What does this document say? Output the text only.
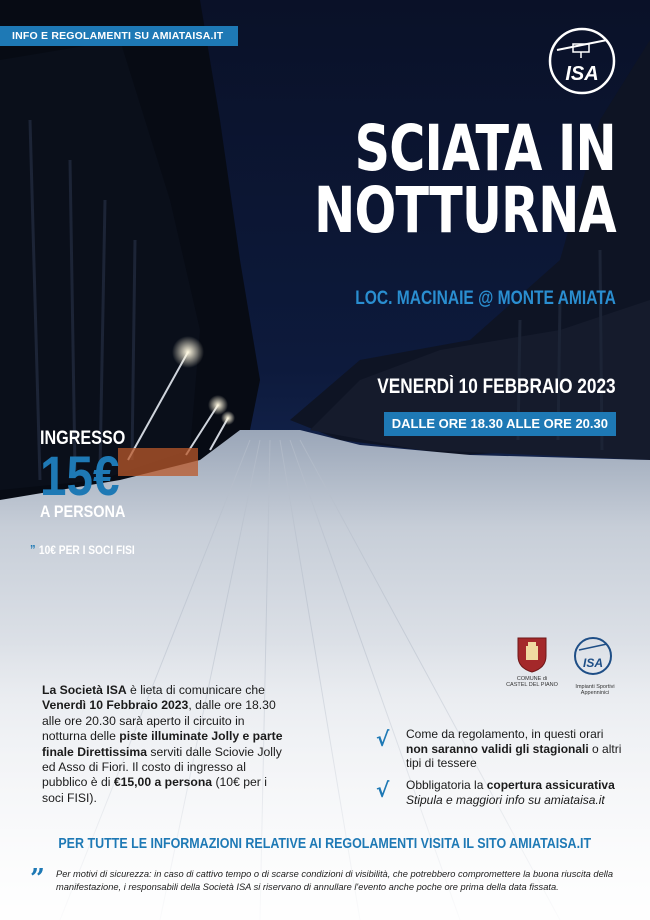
INFO E REGOLAMENTI SU AMIATAISA.IT
ISA
SCIATA IN
NOTTURNA
LOC. MACINAIE @ MONTE AMIATA
VENERDÌ 10 FEBBRAIO 2023
DALLE ORE 18.30 ALLE ORE 20.30
INGRESSO
15€
A PERSONA
” 10€ PER I SOCI FISI
COMUNE di
CASTEL DEL PIANO
ISA
Impianti Sportivi Appenninici
La Società ISA è lieta di comunicare che Venerdì 10 Febbraio 2023, dalle ore 18.30 alle ore 20.30 sarà aperto il circuito in notturna delle piste illuminate Jolly e parte finale Direttissima serviti dalle Sciovie Jolly ed Asso di Fiori. Il costo di ingresso al pubblico è di €15,00 a persona (10€ per i soci FISI).
√ Come da regolamento, in questi orari non saranno validi gli stagionali o altri tipi di tessere
√ Obbligatoria la copertura assicurativa
Stipula e maggiori info su amiataisa.it
PER TUTTE LE INFORMAZIONI RELATIVE AI REGOLAMENTI VISITA IL SITO AMIATAISA.IT
” Per motivi di sicurezza: in caso di cattivo tempo o di scarse condizioni di visibilità, che potrebbero compromettere la buona riuscita della manifestazione, i responsabili della Società ISA si riservano di annullare l'evento anche poche ore prima della data fissata.
